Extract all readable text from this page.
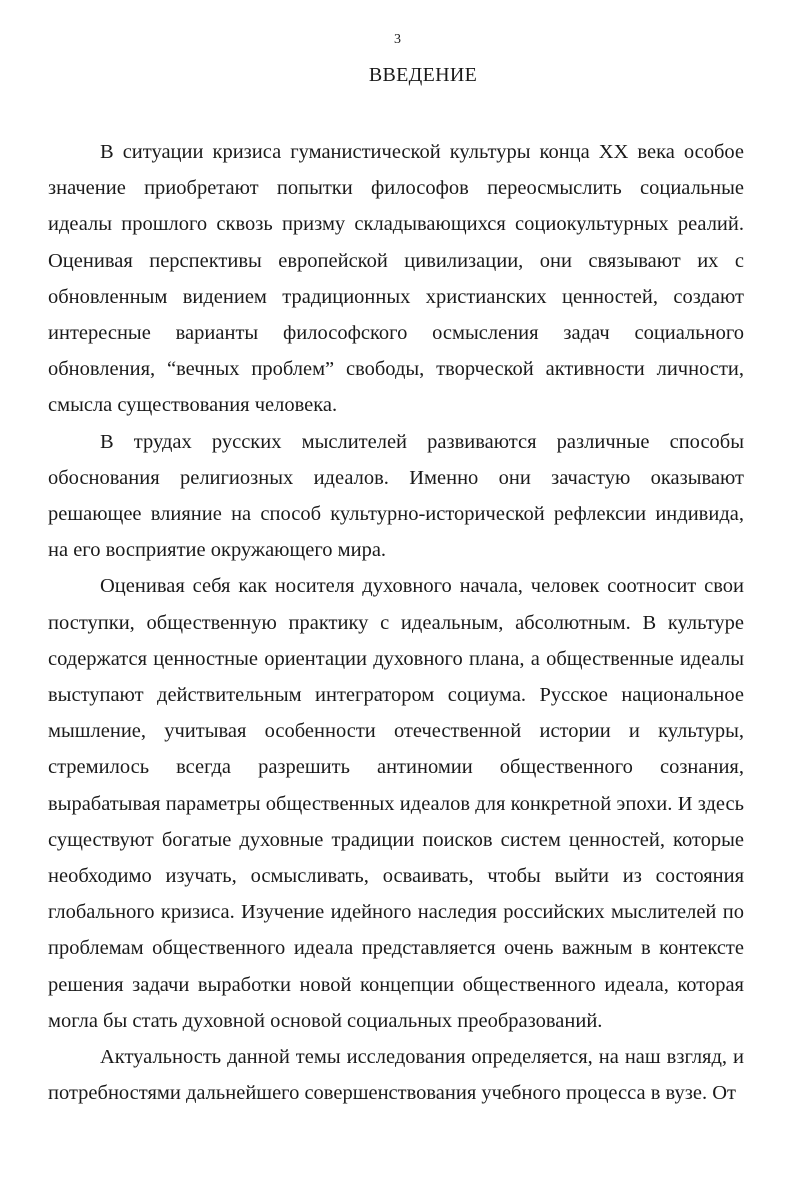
3
ВВЕДЕНИЕ

В ситуации кризиса гуманистической культуры конца XX века особое значение приобретают попытки философов переосмыслить социальные идеалы прошлого сквозь призму складывающихся социокультурных реалий. Оценивая перспективы европейской цивилизации, они связывают их с обновленным видением традиционных христианских ценностей, создают интересные варианты философского осмысления задач социального обновления, “вечных проблем” свободы, творческой активности личности, смысла существования человека.

В трудах русских мыслителей развиваются различные способы обоснования религиозных идеалов. Именно они зачастую оказывают решающее влияние на способ культурно-исторической рефлексии индивида, на его восприятие окружающего мира.

Оценивая себя как носителя духовного начала, человек соотносит свои поступки, общественную практику с идеальным, абсолютным. В культуре содержатся ценностные ориентации духовного плана, а общественные идеалы выступают действительным интегратором социума. Русское национальное мышление, учитывая особенности отечественной истории и культуры, стремилось всегда разрешить антиномии общественного сознания, вырабатывая параметры общественных идеалов для конкретной эпохи. И здесь существуют богатые духовные традиции поисков систем ценностей, которые необходимо изучать, осмысливать, осваивать, чтобы выйти из состояния глобального кризиса. Изучение идейного наследия российских мыслителей по проблемам общественного идеала представляется очень важным в контексте решения задачи выработки новой концепции общественного идеала, которая могла бы стать духовной основой социальных преобразований.

Актуальность данной темы исследования определяется, на наш взгляд, и потребностями дальнейшего совершенствования учебного процесса в вузе. От
